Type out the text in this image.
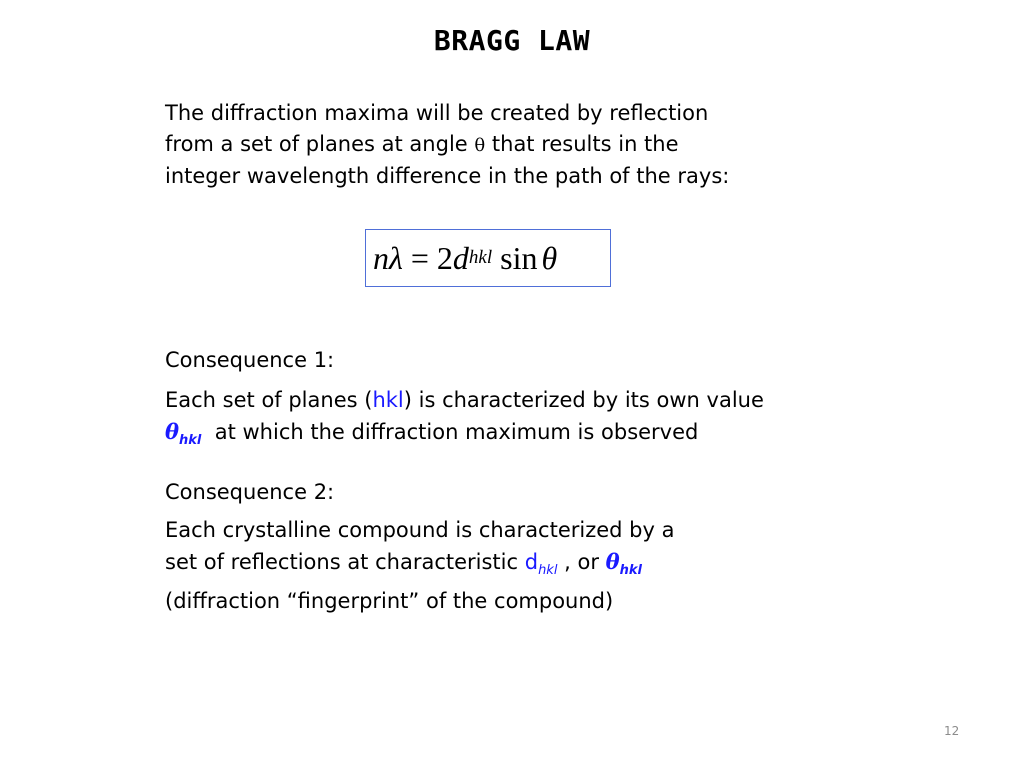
BRAGG LAW
The diffraction maxima will be created by reflection
from a set of planes at angle θ that results in the
integer wavelength difference in the path of the rays:
n λ = 2 d hkl sin θ
Consequence 1:
Each set of planes (hkl) is characterized by its own value
$\theta_{hkl}$  at which the diffraction maximum is observed
Consequence 2:
Each crystalline compound is characterized by a
set of reflections at characteristic $d_{hkl}$ , or $\theta_{hkl}$
(diffraction “fingerprint” of the compound)
12
